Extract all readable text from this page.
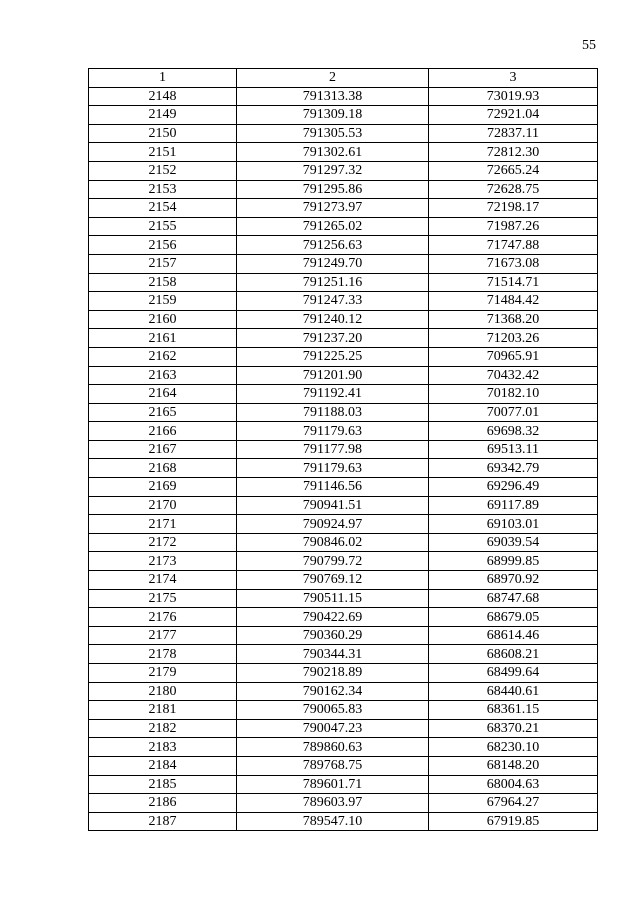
55
1	2	3
2148	791313.38	73019.93
2149	791309.18	72921.04
2150	791305.53	72837.11
2151	791302.61	72812.30
2152	791297.32	72665.24
2153	791295.86	72628.75
2154	791273.97	72198.17
2155	791265.02	71987.26
2156	791256.63	71747.88
2157	791249.70	71673.08
2158	791251.16	71514.71
2159	791247.33	71484.42
2160	791240.12	71368.20
2161	791237.20	71203.26
2162	791225.25	70965.91
2163	791201.90	70432.42
2164	791192.41	70182.10
2165	791188.03	70077.01
2166	791179.63	69698.32
2167	791177.98	69513.11
2168	791179.63	69342.79
2169	791146.56	69296.49
2170	790941.51	69117.89
2171	790924.97	69103.01
2172	790846.02	69039.54
2173	790799.72	68999.85
2174	790769.12	68970.92
2175	790511.15	68747.68
2176	790422.69	68679.05
2177	790360.29	68614.46
2178	790344.31	68608.21
2179	790218.89	68499.64
2180	790162.34	68440.61
2181	790065.83	68361.15
2182	790047.23	68370.21
2183	789860.63	68230.10
2184	789768.75	68148.20
2185	789601.71	68004.63
2186	789603.97	67964.27
2187	789547.10	67919.85
